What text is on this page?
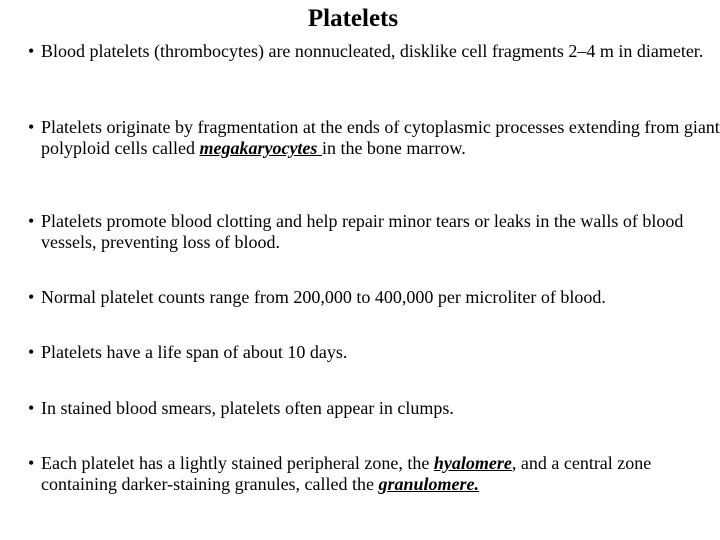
Platelets
• Blood platelets (thrombocytes) are nonnucleated, disklike cell fragments 2–4 m in diameter.
• Platelets originate by fragmentation at the ends of cytoplasmic processes extending from giant polyploid cells called megakaryocytes in the bone marrow.
• Platelets promote blood clotting and help repair minor tears or leaks in the walls of blood vessels, preventing loss of blood.
• Normal platelet counts range from 200,000 to 400,000 per microliter of blood.
• Platelets have a life span of about 10 days.
• In stained blood smears, platelets often appear in clumps.
• Each platelet has a lightly stained peripheral zone, the hyalomere, and a central zone containing darker-staining granules, called the granulomere.
